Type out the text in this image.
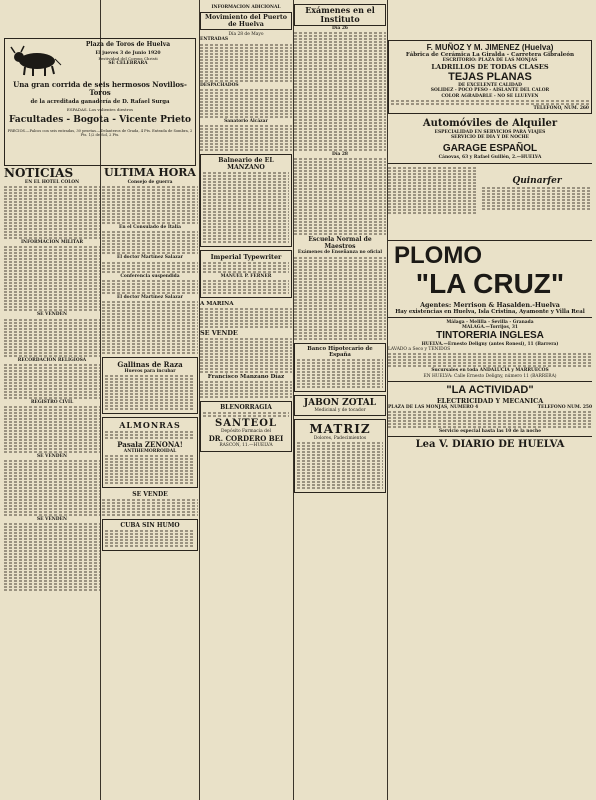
Plaza de Toros de Huelva
El jueves 3 de Junio 1920
Festividad del Corpus Christi
SE CELEBRARA
Una gran corrida de seis hermosos Novillos-Toros
de la acreditada ganadería de D. Rafael Surga
ESPADAS. Los valientes diestros
Facultades - Bogota - Vicente Prieto
PRECIOS.—Palcos con seis entradas, 30 pesetas.—Delanteros de Grada, 4 Pts. Entrada de Sombra, 2 Pts. 1/2 de Sol, 2 Pts.
NOTICIAS
EN EL HOTEL COLON
INFORMACION MILITAR
SE VENDEN
RECORDACION RELIGIOSA
REGISTRO CIVIL
SE VENDEN
SE VENDEN
ULTIMA HORA
Consejo de guerra
En el Consulado de Italia
El doctor Martínez Salazar
Conferencia suspendida
El doctor Martínez Salazar
Gallinas de Raza
Huevos para incubar
ALMONRAS
Pasala ZENONA!
ANTIHEMORROIDAL
SE VENDE
CUBA SIN HUMO
INFORMACION ADICIONAL
Movimiento del Puerto de Huelva
Día 28 de Mayo
ENTRADAS
DESPACHADOS
Sanatorio Alcázar
Balneario de EL MANZANO
Imperial Typewriter
MANUEL P. FERNER
A MARINA
SE VENDE
Francisco Manzano Díaz
BLENORRAGIA
SANTEOL
Depósito Farmacia del
DR. CORDERO BEI
RASCON, 11.—HUELVA
Exámenes en el Instituto
Día 26
Día 28
Escuela Normal de Maestros
Exámenes de Enseñanza no oficial
Banco Hipotecario de España
JABON ZOTAL
Medicinal y de tocador
MATRIZ
Dolores, Padecimientos
F. MUÑOZ Y M. JIMENEZ (Huelva)
Fábrica de Cerámica La Giralda - Carretera Gibraleón
ESCRITORIO: PLAZA DE LAS MONJAS
LADRILLOS DE TODAS CLASES
TEJAS PLANAS
DE EXCELENTE CALIDAD
SOLIDEZ - POCO PESO - AISLANTE DEL CALOR
COLOR AGRADABLE - NO SE LLUEVEN
TELEFONO, NUM. 260
Automóviles de Alquiler
ESPECIALIDAD EN SERVICIOS PARA VIAJES
SERVICIO DE DIA Y DE NOCHE
GARAGE ESPAÑOL
Cánovas, 63 y Rafael Guillén, 2.—HUELVA
Quinarfer
PLOMO
"LA CRUZ"
Agentes: Merrison & Hasalden.-Huelva
Hay existencias en Huelva, Isla Cristina, Ayamonte y Villa Real
Málaga - Melilla - Sevilla - Granada
MALAGA.—Torrijos, 31
TINTORERIA INGLESA
HUELVA.—Ernesto Deligny (antes Ronesi), 11 (Barrera)
LAVADO a Seco y TENIDOS
Sucursales en toda ANDALUCIA y MARRUECOS
EN HUELVA: Calle Ernesto Deligny, número 11 (BARRERA)
"LA ACTIVIDAD"
ELECTRICIDAD Y MECANICA
PLAZA DE LAS MONJAS, NUMERO 4	TELEFONO NUM. 250
Servicio especial hasta las 10 de la noche
Lea V. DIARIO DE HUELVA
